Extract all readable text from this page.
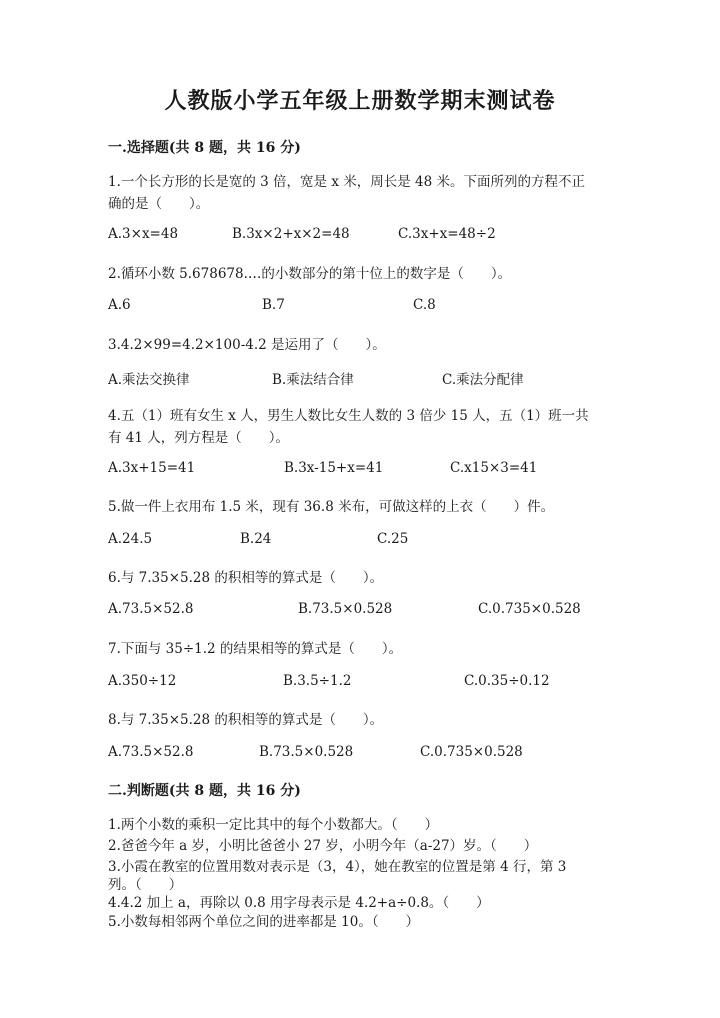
人教版小学五年级上册数学期末测试卷
一.选择题(共 8 题，共 16 分)
1.一个长方形的长是宽的 3 倍，宽是 x 米，周长是 48 米。下面所列的方程不正
确的是（　　）。
A.3×x=48	B.3x×2+x×2=48	C.3x+x=48÷2
2.循环小数 5.678678.…的小数部分的第十位上的数字是（　　）。
A.6	B.7	C.8
3.4.2×99=4.2×100-4.2 是运用了（　　）。
A.乘法交换律	B.乘法结合律	C.乘法分配律
4.五（1）班有女生 x 人，男生人数比女生人数的 3 倍少 15 人，五（1）班一共
有 41 人，列方程是（　　）。
A.3x+15=41	B.3x-15+x=41	C.x15×3=41
5.做一件上衣用布 1.5 米，现有 36.8 米布，可做这样的上衣（　　）件。
A.24.5	B.24	C.25
6.与 7.35×5.28 的积相等的算式是（　　）。
A.73.5×52.8	B.73.5×0.528	C.0.735×0.528
7.下面与 35÷1.2 的结果相等的算式是（　　）。
A.350÷12	B.3.5÷1.2	C.0.35÷0.12
8.与 7.35×5.28 的积相等的算式是（　　）。
A.73.5×52.8	B.73.5×0.528	C.0.735×0.528
二.判断题(共 8 题，共 16 分)
1.两个小数的乘积一定比其中的每个小数都大。（　　）
2.爸爸今年 a 岁，小明比爸爸小 27 岁，小明今年（a-27）岁。（　　）
3.小霞在教室的位置用数对表示是（3，4），她在教室的位置是第 4 行，第 3
列。（　　）
4.4.2 加上 a，再除以 0.8 用字母表示是 4.2+a÷0.8。（　　）
5.小数每相邻两个单位之间的进率都是 10。（　　）
